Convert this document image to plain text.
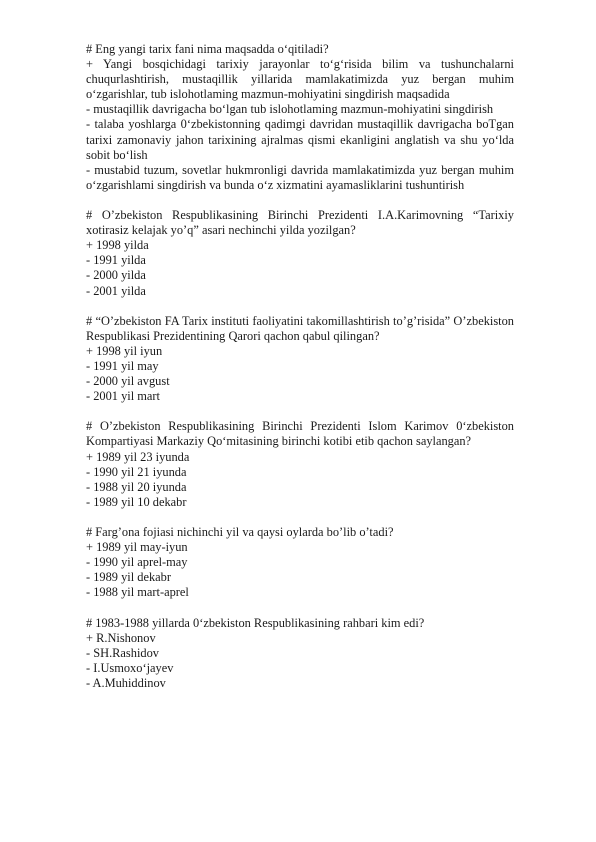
# Eng yangi tarix fani nima maqsadda o‘qitiladi?

+ Yangi bosqichidagi tarixiy jarayonlar to‘g‘risida bilim va tushunchalarni chuqurlashtirish, mustaqillik yillarida mamlakatimizda yuz bergan muhim o‘zgarishlar, tub islohotlaming mazmun-mohiyatini singdirish maqsadida

- mustaqillik davrigacha bo‘lgan tub islohotlaming mazmun-mohiyatini singdirish

- talaba yoshlarga 0‘zbekistonning qadimgi davridan mustaqillik davrigacha boTgan tarixi zamonaviy jahon tarixining ajralmas qismi ekanligini anglatish va shu yo‘lda sobit bo‘lish

- mustabid tuzum, sovetlar hukmronligi davrida mamlakatimizda yuz bergan muhim o‘zgarishlami singdirish va bunda o‘z xizmatini ayamasliklarini tushuntirish

# O’zbekiston Respublikasining Birinchi Prezidenti I.A.Karimovning “Tarixiy xotirasiz kelajak yo’q” asari nechinchi yilda yozilgan?

+ 1998 yilda

- 1991 yilda

- 2000 yilda

- 2001 yilda

# “O’zbekiston FA Tarix instituti faoliyatini takomillashtirish to’g’risida” O’zbekiston Respublikasi Prezidentining Qarori qachon qabul qilingan?

+ 1998 yil iyun

- 1991 yil may

- 2000 yil avgust

- 2001 yil mart

# O’zbekiston Respublikasining Birinchi Prezidenti Islom Karimov 0‘zbekiston Kompartiyasi Markaziy Qo‘mitasining birinchi kotibi etib qachon saylangan?

+ 1989 yil 23 iyunda

- 1990 yil 21 iyunda

- 1988 yil 20 iyunda

- 1989 yil 10 dekabr

# Farg’ona fojiasi nichinchi yil va qaysi oylarda bo’lib o’tadi?

+ 1989 yil may-iyun

- 1990 yil aprel-may

- 1989 yil dekabr

- 1988 yil mart-aprel

# 1983-1988 yillarda 0‘zbekiston Respublikasining rahbari kim edi?

+ R.Nishonov

- SH.Rashidov

- I.Usmoxo‘jayev

- A.Muhiddinov
